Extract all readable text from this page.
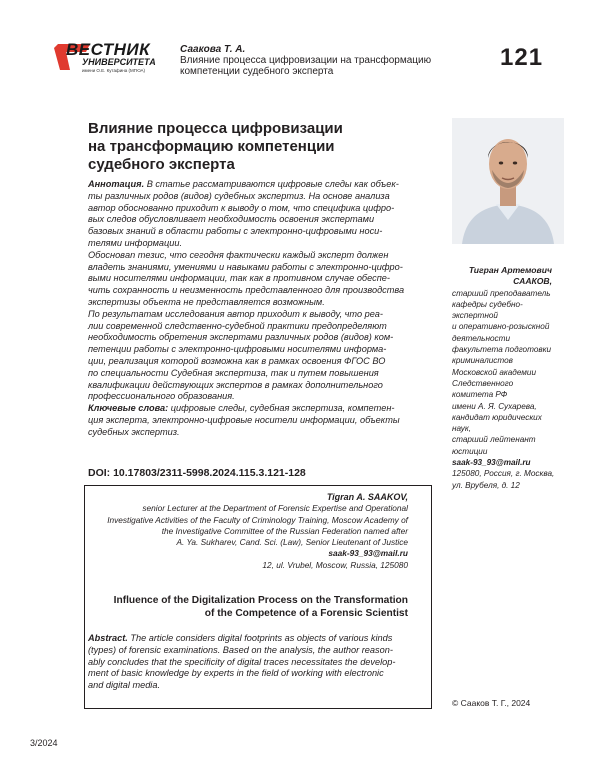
ВЕСТНИК
УНИВЕРСИТЕТА
имени О.Е. Кутафина (МГЮА)
Саакова Т. А.
Влияние процесса цифровизации на трансформацию
компетенции судебного эксперта
121
Влияние процесса цифровизации
на трансформацию компетенции
судебного эксперта

Аннотация. В статье рассматриваются цифровые следы как объек-

ты различных родов (видов) судебных экспертиз. На основе анализа

автор обоснованно приходит к выводу о том, что специфика цифро-

вых следов обусловливает необходимость освоения экспертами

базовых знаний в области работы с электронно-цифровыми носи-

телями информации.

Обосновan тезис, что сегодня фактически каждый эксперт должен

владеть знаниями, умениями и навыками работы с электронно-цифро-

выми носителями информации, так как в противном случае обеспе-

чить сохранность и неизменность представленного для производства

экспертизы объекта не представляется возможным.

По результатам исследования автор приходит к выводу, что реа-

лии современной следственно-судебной практики предопределяют

необходимость обретения экспертами различных родов (видов) ком-

петенции работы с электронно-цифровыми носителями информа-

ции, реализация которой возможна как в рамках освоения ФГОС ВО

по специальности Судебная экспертиза, так и путем повышения

квалификации действующих экспертов в рамках дополнительного

профессионального образования.

Ключевые слова: цифровые следы, судебная экспертиза, компетен-

ция эксперта, электронно-цифровые носители информации, объекты

судебных экспертиз.

DOI: 10.17803/2311-5998.2024.115.3.121-128
Тигран Артемович
СААКОВ,
старший преподаватель
кафедры судебно-
экспертной
и оперативно-розыскной
деятельности
факультета подготовки
криминалистов
Московской академии
Следственного
комитета РФ
имени А. Я. Сухарева,
кандидат юридических
наук,
старший лейтенант
юстиции
saak-93_93@mail.ru
125080, Россия, г. Москва,
ул. Врубеля, д. 12
© Сааков Т. Г., 2024
Tigran A. SAAKOV,
senior Lecturer at the Department of Forensic Expertise and Operational
Investigative Activities of the Faculty of Criminology Training, Moscow Academy of
the Investigative Committee of the Russian Federation named after
A. Ya. Sukharev, Cand. Sci. (Law), Senior Lieutenant of Justice
saak-93_93@mail.ru
12, ul. Vrubel, Moscow, Russia, 125080
Influence of the Digitalization Process on the Transformation
of the Competence of a Forensic Scientist
Abstract. The article considers digital footprints as objects of various kinds
(types) of forensic examinations. Based on the analysis, the author reason-
ably concludes that the specificity of digital traces necessitates the develop-
ment of basic knowledge by experts in the field of working with electronic
and digital media.
3/2024
